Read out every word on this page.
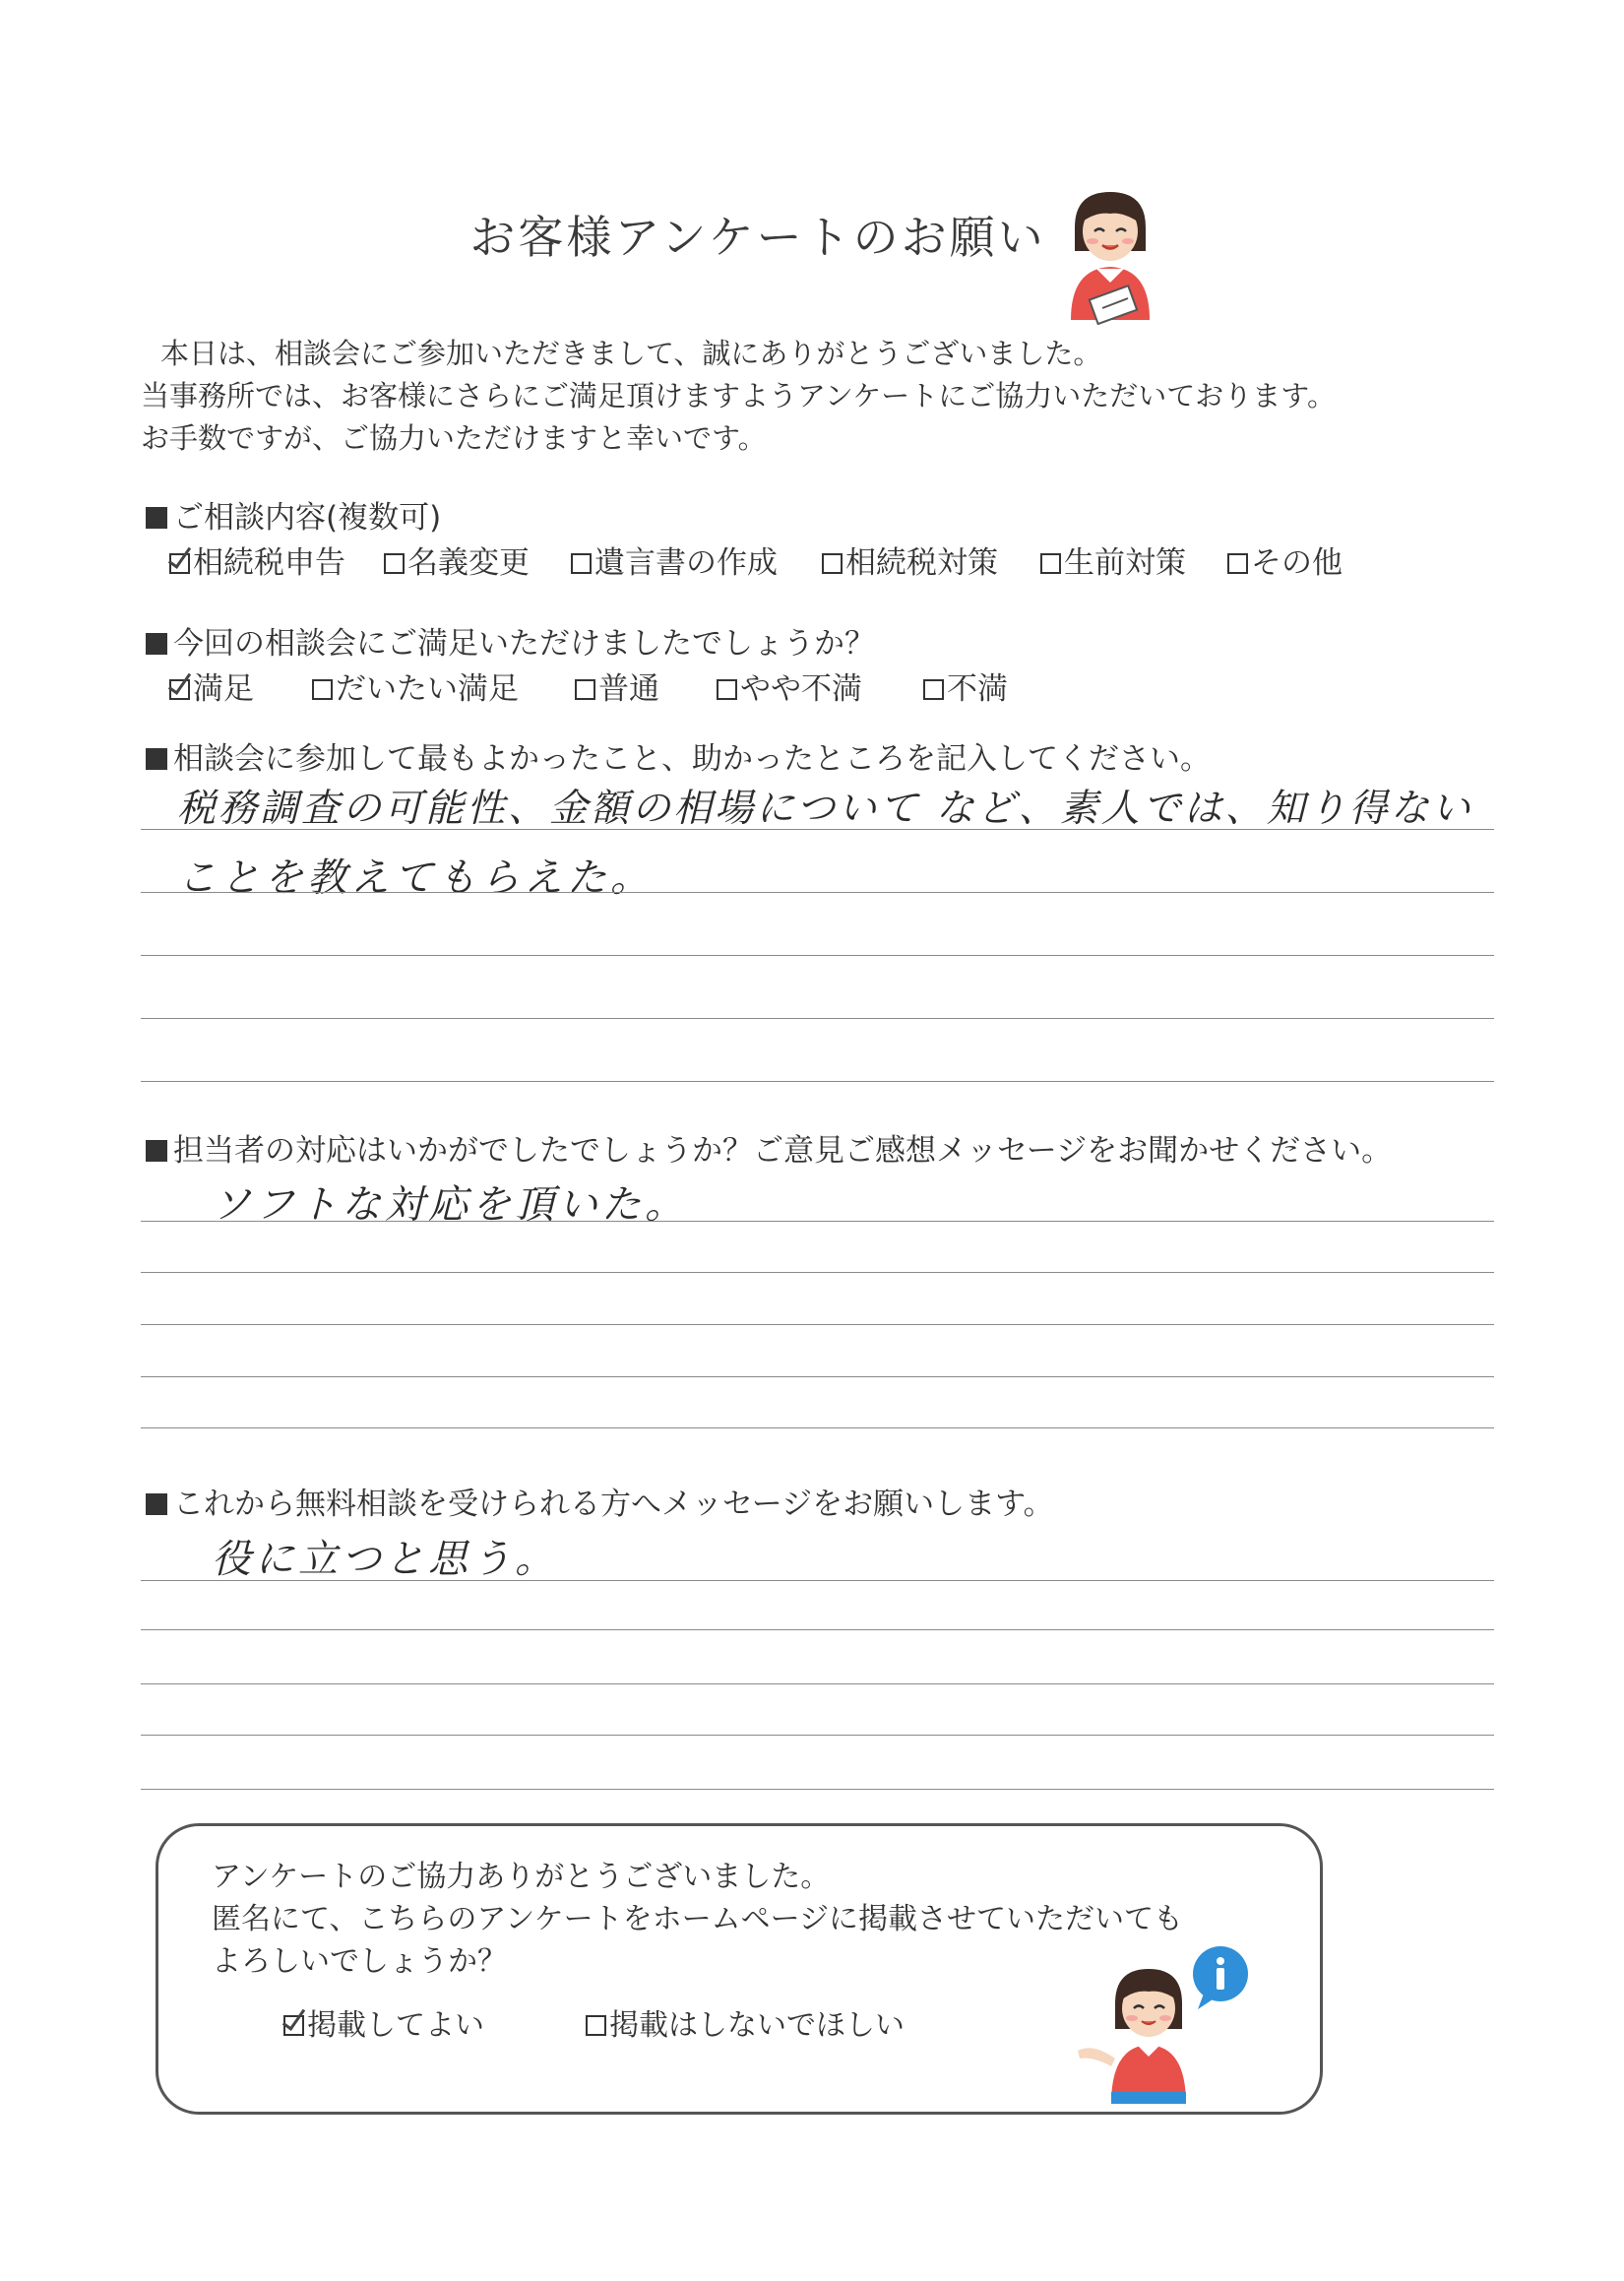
お客様アンケートのお願い
本日は、相談会にご参加いただきまして、誠にありがとうございました。
当事務所では、お客様にさらにご満足頂けますようアンケートにご協力いただいております。
お手数ですが、ご協力いただけますと幸いです。
ご相談内容(複数可)
相続税申告	名義変更	遺言書の作成	相続税対策	生前対策	その他
今回の相談会にご満足いただけましたでしょうか？
満足	だいたい満足	普通	やや不満	不満
相談会に参加して最もよかったこと、助かったところを記入してください。
税務調査の可能性、金額の相場について など、素人では、知り得ない
ことを教えてもらえた。
担当者の対応はいかがでしたでしょうか？ご意見ご感想メッセージをお聞かせください。
ソフトな対応を頂いた。
これから無料相談を受けられる方へメッセージをお願いします。
役に立つと思う。
アンケートのご協力ありがとうございました。
匿名にて、こちらのアンケートをホームページに掲載させていただいても
よろしいでしょうか？
掲載してよい	掲載はしないでほしい
